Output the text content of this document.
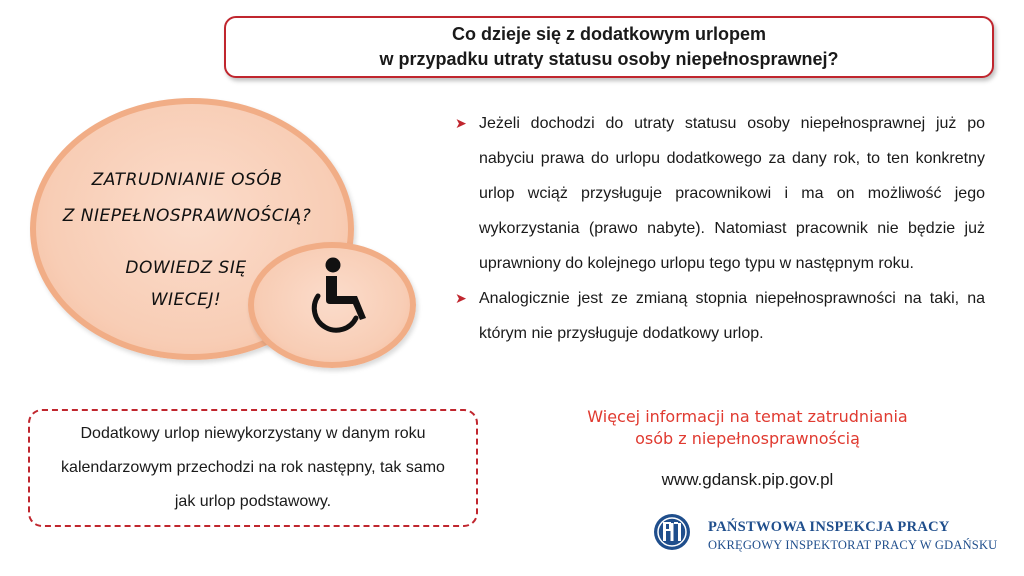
Co dzieje się z dodatkowym urlopem
w przypadku utraty statusu osoby niepełnosprawnej?
ZATRUDNIANIE OSÓB
Z NIEPEŁNOSPRAWNOŚCIĄ?
DOWIEDZ SIĘ
WIECEJ!
➤ Jeżeli dochodzi do utraty statusu osoby niepełnosprawnej już po nabyciu prawa do urlopu dodatkowego za dany rok, to ten konkretny urlop wciąż przysługuje pracownikowi i ma on możliwość jego wykorzystania (prawo nabyte). Natomiast pracownik nie będzie już uprawniony do kolejnego urlopu tego typu w następnym roku.
➤ Analogicznie jest ze zmianą stopnia niepełnosprawności na taki, na którym nie przysługuje dodatkowy urlop.
Dodatkowy urlop niewykorzystany w danym roku kalendarzowym przechodzi na rok następny, tak samo jak urlop podstawowy.
Więcej informacji na temat zatrudniania
osób z niepełnosprawnością
www.gdansk.pip.gov.pl
PAŃSTWOWA INSPEKCJA PRACY
OKRĘGOWY INSPEKTORAT PRACY W GDAŃSKU
